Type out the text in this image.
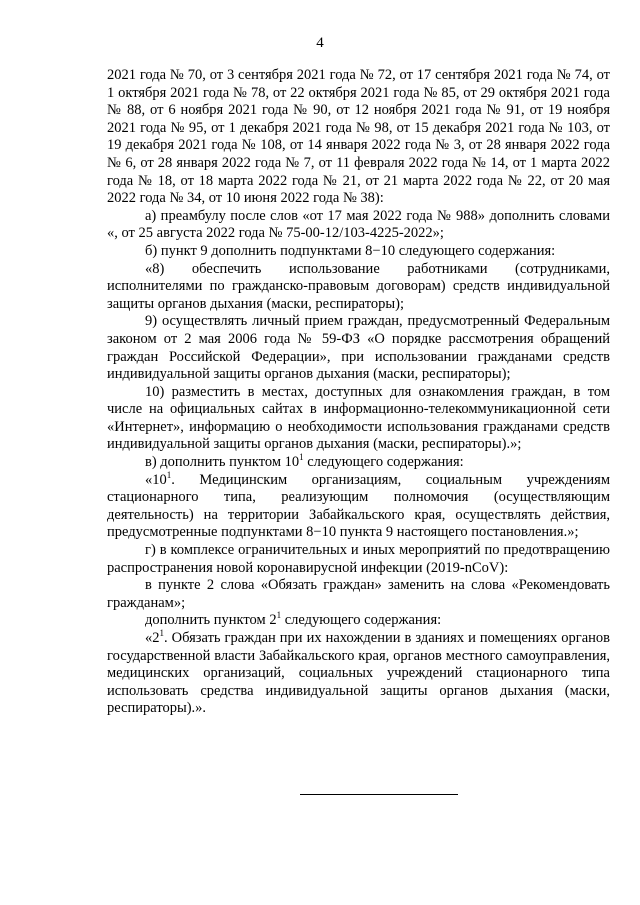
4

2021 года № 70, от 3 сентября 2021 года № 72, от 17 сентября 2021 года № 74, от 1 октября 2021 года № 78, от 22 октября 2021 года № 85, от 29 октября 2021 года № 88, от 6 ноября 2021 года № 90, от 12 ноября 2021 года № 91, от 19 ноября 2021 года № 95, от 1 декабря 2021 года № 98, от 15 декабря 2021 года № 103, от 19 декабря 2021 года № 108, от 14 января 2022 года № 3, от 28 января 2022 года № 6, от 28 января 2022 года № 7, от 11 февраля 2022 года № 14, от 1 марта 2022 года № 18, от 18 марта 2022 года № 21, от 21 марта 2022 года № 22, от 20 мая 2022 года № 34, от 10 июня 2022 года № 38):

а) преамбулу после слов «от 17 мая 2022 года № 988» дополнить словами «, от 25 августа 2022 года № 75-00-12/103-4225-2022»;

б) пункт 9 дополнить подпунктами 8−10 следующего содержания:

«8) обеспечить использование работниками (сотрудниками, исполнителями по гражданско-правовым договорам) средств индивидуальной защиты органов дыхания (маски, респираторы);

9) осуществлять личный прием граждан, предусмотренный Федеральным законом от 2 мая 2006 года № 59-ФЗ «О порядке рассмотрения обращений граждан Российской Федерации», при использовании гражданами средств индивидуальной защиты органов дыхания (маски, респираторы);

10) разместить в местах, доступных для ознакомления граждан, в том числе на официальных сайтах в информационно-телекоммуникационной сети «Интернет», информацию о необходимости использования гражданами средств индивидуальной защиты органов дыхания (маски, респираторы).»;

в) дополнить пунктом $10^1$ следующего содержания:

«$10^1$. Медицинским организациям, социальным учреждениям стационарного типа, реализующим полномочия (осуществляющим деятельность) на территории Забайкальского края, осуществлять действия, предусмотренные подпунктами 8−10 пункта 9 настоящего постановления.»;

г) в комплексе ограничительных и иных мероприятий по предотвращению распространения новой коронавирусной инфекции (2019-nCoV):

в пункте 2 слова «Обязать граждан» заменить на слова «Рекомендовать гражданам»;

дополнить пунктом $2^1$ следующего содержания:

«$2^1$. Обязать граждан при их нахождении в зданиях и помещениях органов государственной власти Забайкальского края, органов местного самоуправления, медицинских организаций, социальных учреждений стационарного типа использовать средства индивидуальной защиты органов дыхания (маски, респираторы).».
